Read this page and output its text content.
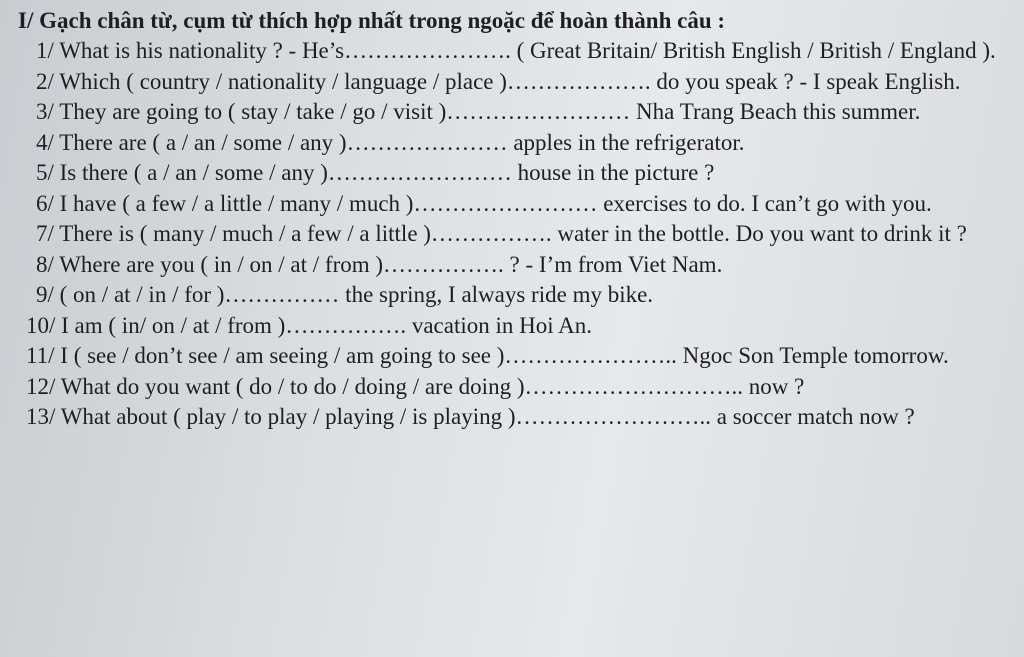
I/ Gạch chân từ, cụm từ thích hợp nhất trong ngoặc để hoàn thành câu :

1/ What is his nationality ? - He’s…………………. ( Great Britain/ British English / British / England ).

2/ Which ( country / nationality / language / place )………………. do you speak ? - I speak English.

3/ They are going to ( stay / take / go / visit )…………………… Nha Trang Beach this summer.

4/ There are ( a / an / some / any )………………… apples in the refrigerator.

5/ Is there ( a / an / some / any )…………………… house in the picture ?

6/ I have ( a few / a little / many / much )…………………… exercises to do. I can’t go with you.

7/ There is ( many / much / a few / a little )……………. water in the bottle. Do you want to drink it ?

8/ Where are you ( in / on / at / from )……………. ? - I’m from Viet Nam.

9/ ( on / at / in / for )…………… the spring, I always ride my bike.

10/ I am ( in/ on / at / from )……………. vacation in Hoi An.

11/ I ( see / don’t see / am seeing / am going to see )………………….. Ngoc Son Temple tomorrow.

12/ What do you want ( do / to do / doing / are doing )……………………….. now ?

13/ What about ( play / to play / playing / is playing )…………………….. a soccer match now ?
